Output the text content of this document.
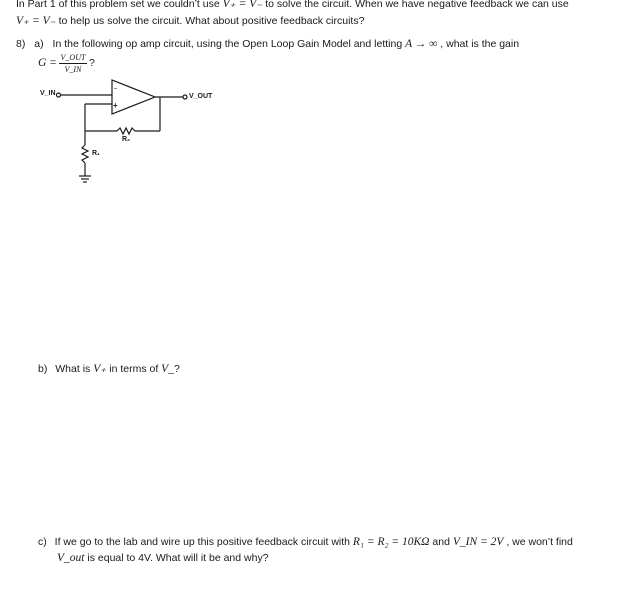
In Part 1 of this problem set we couldn’t use V₊ = V₋ to solve the circuit. When we have negative feedback we can use
V₊ = V₋ to help us solve the circuit. What about positive feedback circuits?
8) a) In the following op amp circuit, using the Open Loop Gain Model and letting A → ∞ , what is the gain
G = V_OUT
V_IN
?
-
+
V_IN	V_OUT
R₂
R₁
b) What is V₊ in terms of V_?
c) If we go to the lab and wire up this positive feedback circuit with R₁ = R₂ = 10KΩ and V_IN = 2V , we won’t find
V_out is equal to 4V. What will it be and why?
